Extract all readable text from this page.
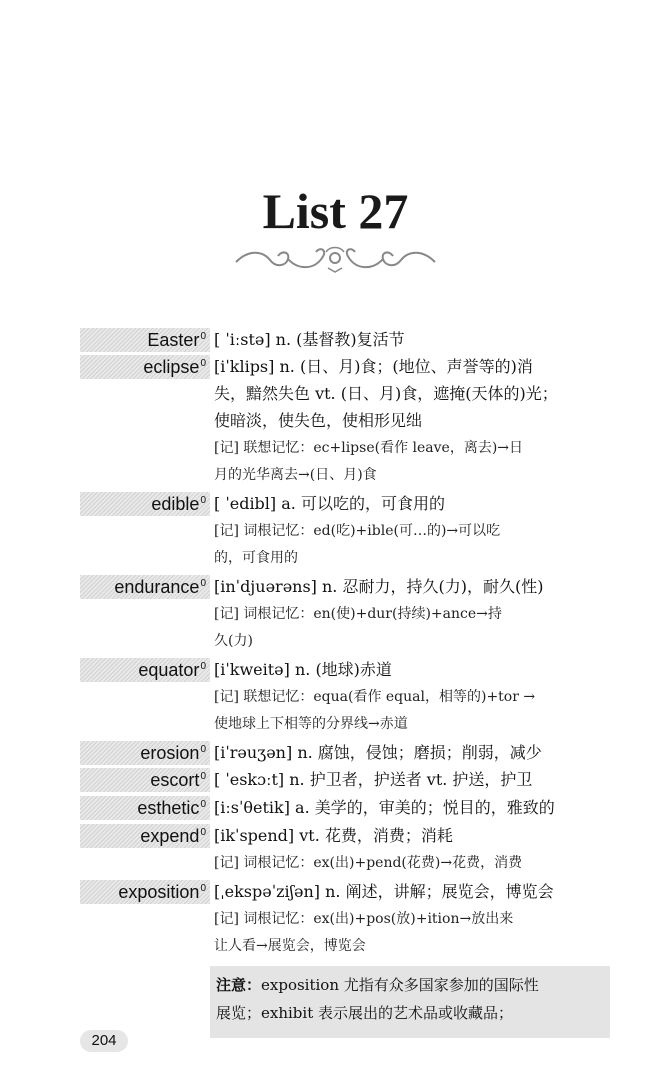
List 27
Easter$^0$ [ ˈiːstə] n. (基督教)复活节
eclipse$^0$ [iˈklips] n. (日、月)食；(地位、声誉等的)消
失，黯然失色 vt. (日、月)食，遮掩(天体的)光；
使暗淡，使失色，使相形见绌
[记] 联想记忆：ec+lipse(看作 leave，离去)→日
月的光华离去→(日、月)食
edible$^0$ [ ˈedibl] a. 可以吃的，可食用的
[记] 词根记忆：ed(吃)+ible(可…的)→可以吃
的，可食用的
endurance$^0$ [inˈdjuərəns] n. 忍耐力，持久(力)，耐久(性)
[记] 词根记忆：en(使)+dur(持续)+ance→持
久(力)
equator$^0$ [iˈkweitə] n. (地球)赤道
[记] 联想记忆：equa(看作 equal，相等的)+tor →
使地球上下相等的分界线→赤道
erosion$^0$ [iˈrəuʒən] n. 腐蚀，侵蚀；磨损；削弱，减少
escort$^0$ [ ˈeskɔːt] n. 护卫者，护送者 vt. 护送，护卫
esthetic$^0$ [iːsˈθetik] a. 美学的，审美的；悦目的，雅致的
expend$^0$ [ikˈspend] vt. 花费，消费；消耗
[记] 词根记忆：ex(出)+pend(花费)→花费，消费
exposition$^0$ [ˌekspəˈziʃən] n. 阐述，讲解；展览会，博览会
[记] 词根记忆：ex(出)+pos(放)+ition→放出来
让人看→展览会，博览会
注意：exposition 尤指有众多国家参加的国际性
展览；exhibit 表示展出的艺术品或收藏品；
204
